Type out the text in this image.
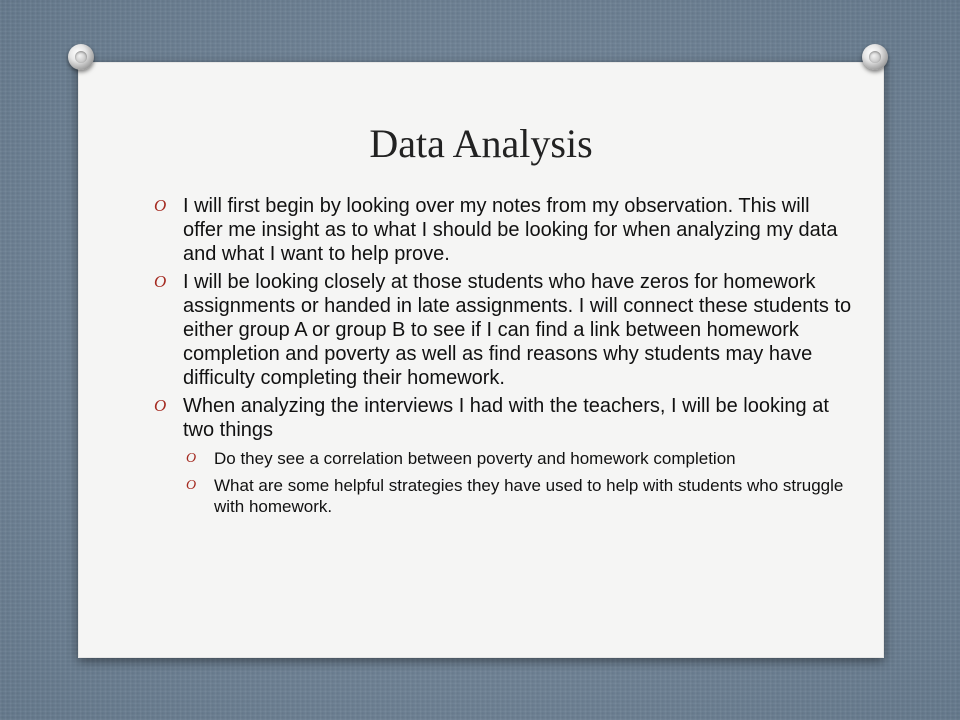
Data Analysis
O I will first begin by looking over my notes from my observation. This will offer me insight as to what I should be looking for when analyzing my data and what I want to help prove.
O I will be looking closely at those students who have zeros for homework assignments or handed in late assignments. I will connect these students to either group A or group B to see if I can find a link between homework completion and poverty as well as find reasons why students may have difficulty completing their homework.
O When analyzing the interviews I had with the teachers, I will be looking at two things
O Do they see a correlation between poverty and homework completion
O What are some helpful strategies they have used to help with students who struggle with homework.
